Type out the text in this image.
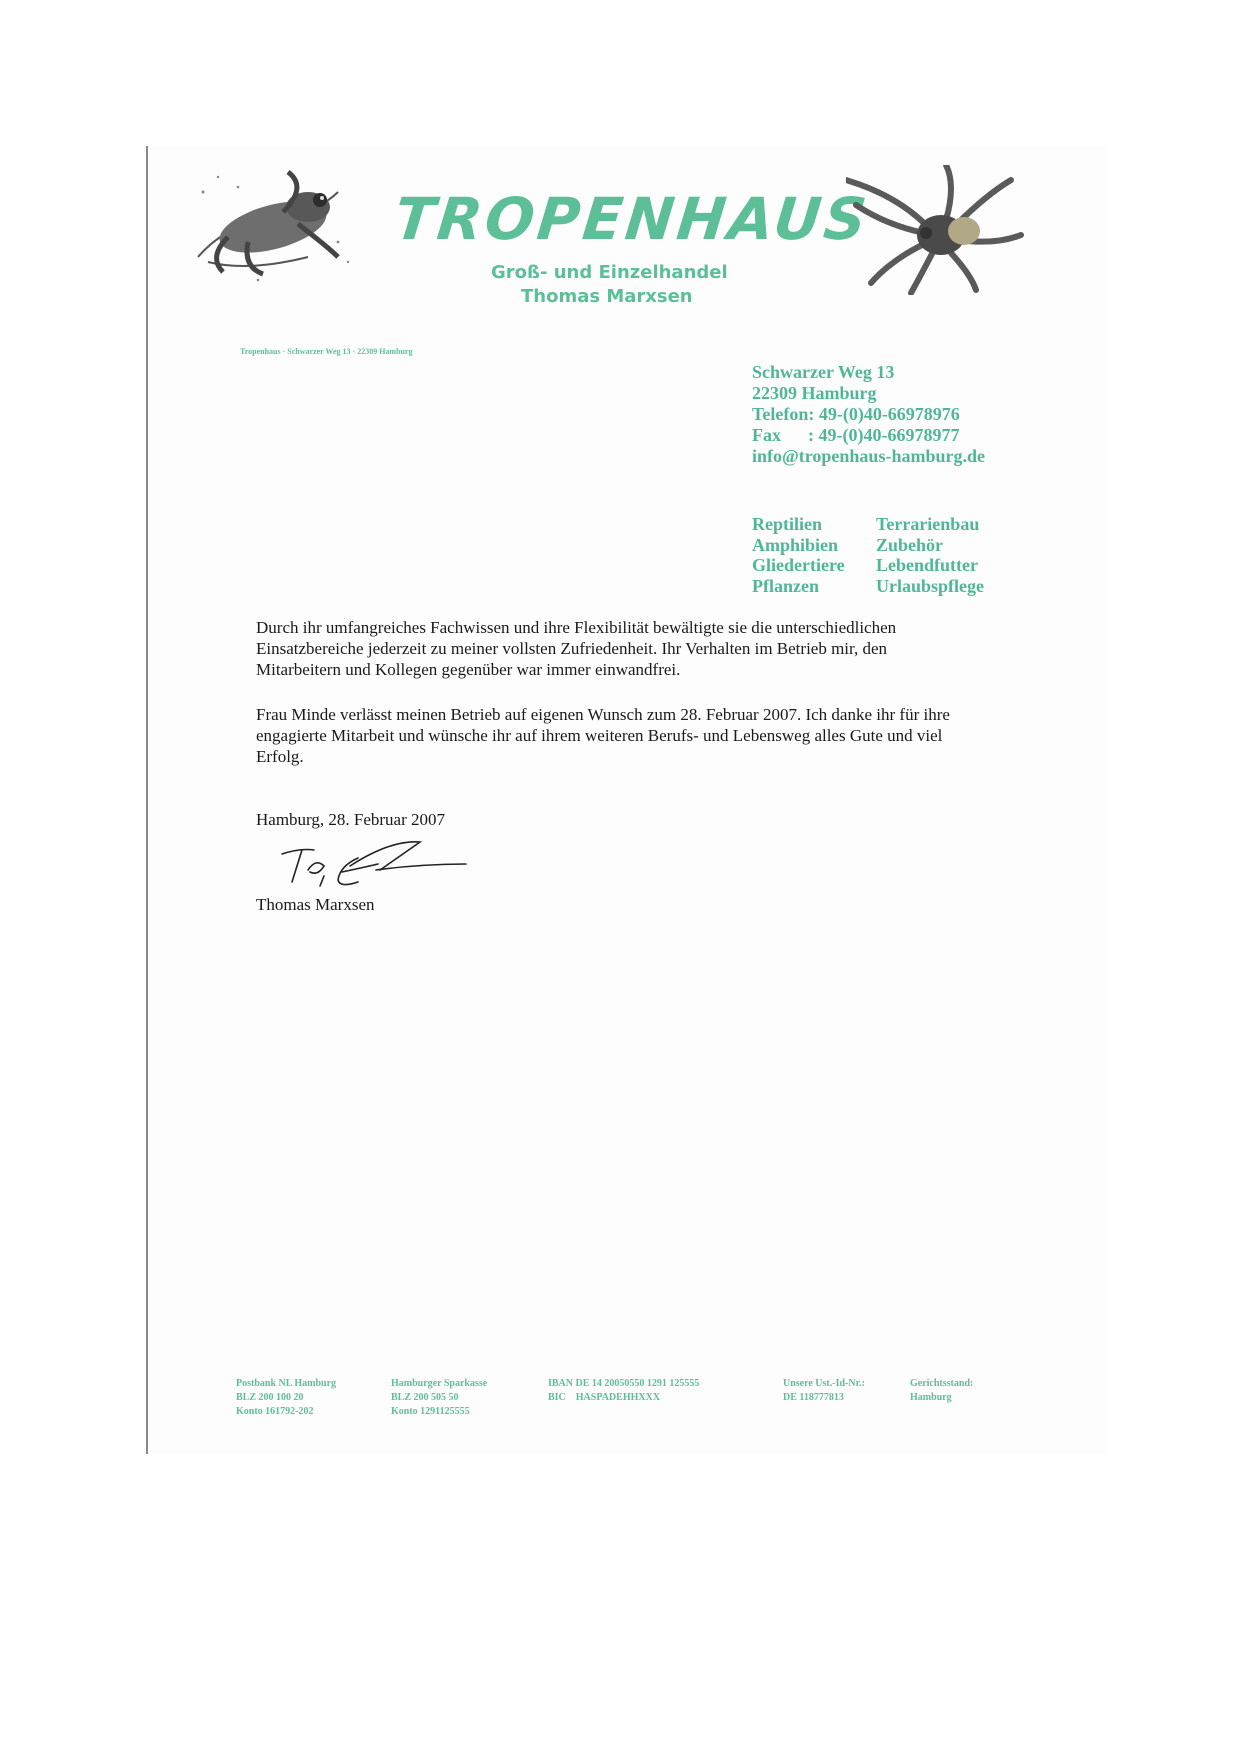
TROPENHAUS
Groß- und Einzelhandel
Thomas Marxsen
Tropenhaus · Schwarzer Weg 13 · 22309 Hamburg
Schwarzer Weg 13
22309 Hamburg
Telefon: 49-(0)40-66978976
Fax      : 49-(0)40-66978977
info@tropenhaus-hamburg.de
Reptilien	Terrarienbau
Amphibien	Zubehör
Gliedertiere	Lebendfutter
Pflanzen	Urlaubspflege
Durch ihr umfangreiches Fachwissen und ihre Flexibilität bewältigte sie die unterschiedlichen Einsatzbereiche jederzeit zu meiner vollsten Zufriedenheit. Ihr Verhalten im Betrieb mir, den Mitarbeitern und Kollegen gegenüber war immer einwandfrei.
Frau Minde verlässt meinen Betrieb auf eigenen Wunsch zum 28. Februar 2007. Ich danke ihr für ihre engagierte Mitarbeit und wünsche ihr auf ihrem weiteren Berufs- und Lebensweg alles Gute und viel Erfolg.
Hamburg, 28. Februar 2007
Thomas Marxsen
Postbank NL Hamburg
BLZ 200 100 20
Konto 161792-202
Hamburger Sparkasse
BLZ 200 505 50
Konto 1291125555
IBAN DE 14 20050550 1291 125555
BIC    HASPADEHHXXX
Unsere Ust.-Id-Nr.:
DE 118777813
Gerichtsstand:
Hamburg
